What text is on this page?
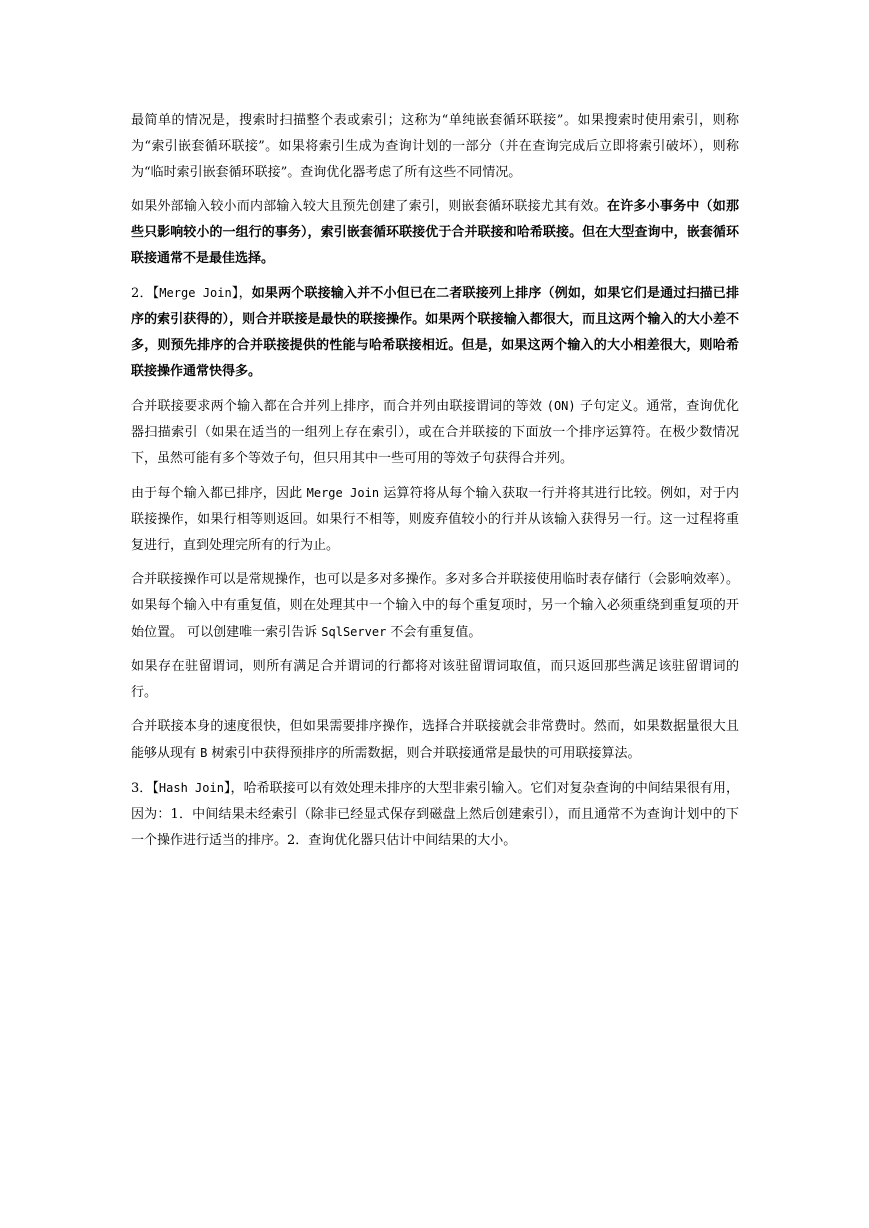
最简单的情况是，搜索时扫描整个表或索引；这称为“单纯嵌套循环联接”。如果搜索时使用索引，则称为“索引嵌套循环联接”。如果将索引生成为查询计划的一部分（并在查询完成后立即将索引破坏），则称为“临时索引嵌套循环联接”。查询优化器考虑了所有这些不同情况。

如果外部输入较小而内部输入较大且预先创建了索引，则嵌套循环联接尤其有效。在许多小事务中（如那些只影响较小的一组行的事务），索引嵌套循环联接优于合并联接和哈希联接。但在大型查询中，嵌套循环联接通常不是最佳选择。

2．【Merge Join】，如果两个联接输入并不小但已在二者联接列上排序（例如，如果它们是通过扫描已排序的索引获得的），则合并联接是最快的联接操作。如果两个联接输入都很大，而且这两个输入的大小差不多，则预先排序的合并联接提供的性能与哈希联接相近。但是，如果这两个输入的大小相差很大，则哈希联接操作通常快得多。

合并联接要求两个输入都在合并列上排序，而合并列由联接谓词的等效 (ON) 子句定义。通常，查询优化器扫描索引（如果在适当的一组列上存在索引），或在合并联接的下面放一个排序运算符。在极少数情况下，虽然可能有多个等效子句，但只用其中一些可用的等效子句获得合并列。

由于每个输入都已排序，因此 Merge Join 运算符将从每个输入获取一行并将其进行比较。例如，对于内联接操作，如果行相等则返回。如果行不相等，则废弃值较小的行并从该输入获得另一行。这一过程将重复进行，直到处理完所有的行为止。

合并联接操作可以是常规操作，也可以是多对多操作。多对多合并联接使用临时表存储行（会影响效率）。如果每个输入中有重复值，则在处理其中一个输入中的每个重复项时，另一个输入必须重绕到重复项的开始位置。 可以创建唯一索引告诉 SqlServer 不会有重复值。

如果存在驻留谓词，则所有满足合并谓词的行都将对该驻留谓词取值，而只返回那些满足该驻留谓词的行。

合并联接本身的速度很快，但如果需要排序操作，选择合并联接就会非常费时。然而，如果数据量很大且能够从现有 B 树索引中获得预排序的所需数据，则合并联接通常是最快的可用联接算法。

3．【Hash Join】，哈希联接可以有效处理未排序的大型非索引输入。它们对复杂查询的中间结果很有用，因为：1．中间结果未经索引（除非已经显式保存到磁盘上然后创建索引），而且通常不为查询计划中的下一个操作进行适当的排序。2．查询优化器只估计中间结果的大小。
